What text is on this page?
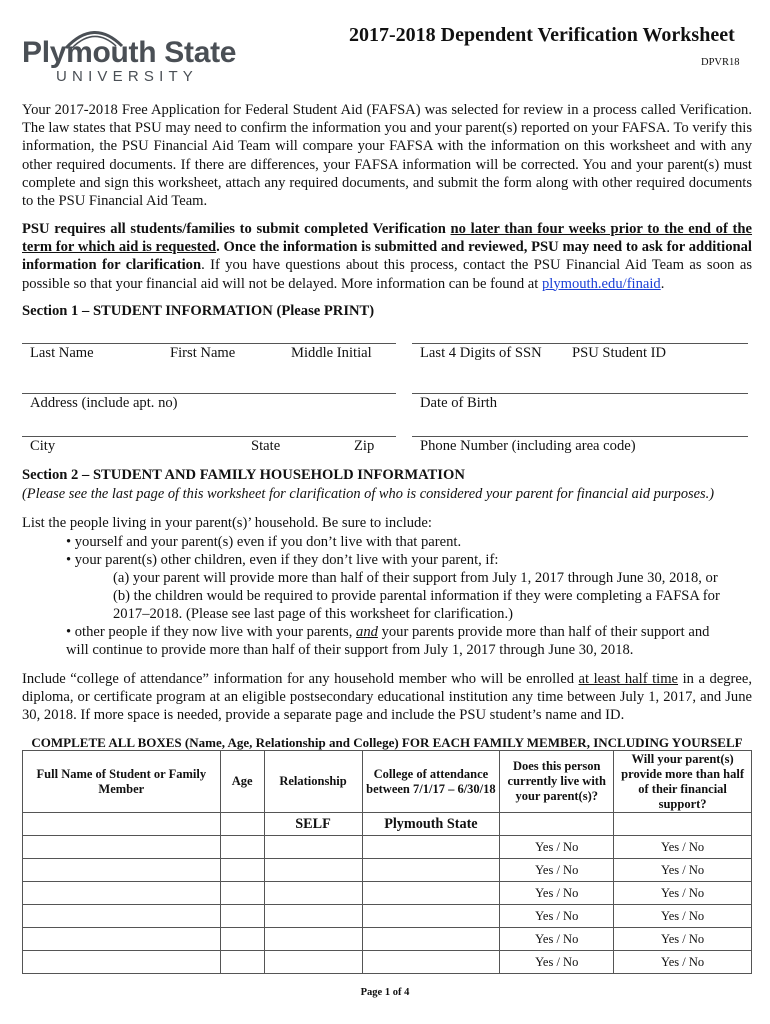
Plymouth State
UNIVERSITY
2017-2018 Dependent Verification Worksheet
DPVR18
Your 2017-2018 Free Application for Federal Student Aid (FAFSA) was selected for review in a process called Verification. The law states that PSU may need to confirm the information you and your parent(s) reported on your FAFSA. To verify this information, the PSU Financial Aid Team will compare your FAFSA with the information on this worksheet and with any other required documents. If there are differences, your FAFSA information will be corrected. You and your parent(s) must complete and sign this worksheet, attach any required documents, and submit the form along with other required documents to the PSU Financial Aid Team.
PSU requires all students/families to submit completed Verification no later than four weeks prior to the end of the term for which aid is requested. Once the information is submitted and reviewed, PSU may need to ask for additional information for clarification. If you have questions about this process, contact the PSU Financial Aid Team as soon as possible so that your financial aid will not be delayed. More information can be found at plymouth.edu/finaid.
Section 1 – STUDENT INFORMATION (Please PRINT)
Last Name	First Name	Middle Initial	Last 4 Digits of SSN PSU Student ID
Address (include apt. no)	Date of Birth
City	State	Zip	Phone Number (including area code)
Section 2 – STUDENT AND FAMILY HOUSEHOLD INFORMATION
(Please see the last page of this worksheet for clarification of who is considered your parent for financial aid purposes.)
List the people living in your parent(s)’ household. Be sure to include:
• yourself and your parent(s) even if you don’t live with that parent.
• your parent(s) other children, even if they don’t live with your parent, if:
(a) your parent will provide more than half of their support from July 1, 2017 through June 30, 2018, or
(b) the children would be required to provide parental information if they were completing a FAFSA for
2017–2018. (Please see last page of this worksheet for clarification.)
• other people if they now live with your parents, and your parents provide more than half of their support and
will continue to provide more than half of their support from July 1, 2017 through June 30, 2018.
Include “college of attendance” information for any household member who will be enrolled at least half time in a degree, diploma, or certificate program at an eligible postsecondary educational institution any time between July 1, 2017, and June 30, 2018. If more space is needed, provide a separate page and include the PSU student’s name and ID.
COMPLETE ALL BOXES (Name, Age, Relationship and College) FOR EACH FAMILY MEMBER, INCLUDING YOURSELF
Full Name of Student or Family Member	Age	Relationship	College of attendance between 7/1/17 – 6/30/18	Does this person currently live with your parent(s)?	Will your parent(s) provide more than half of their financial support?
		SELF	Plymouth State		
				Yes / No	Yes / No
				Yes / No	Yes / No
				Yes / No	Yes / No
				Yes / No	Yes / No
				Yes / No	Yes / No
				Yes / No	Yes / No
Page 1 of 4
